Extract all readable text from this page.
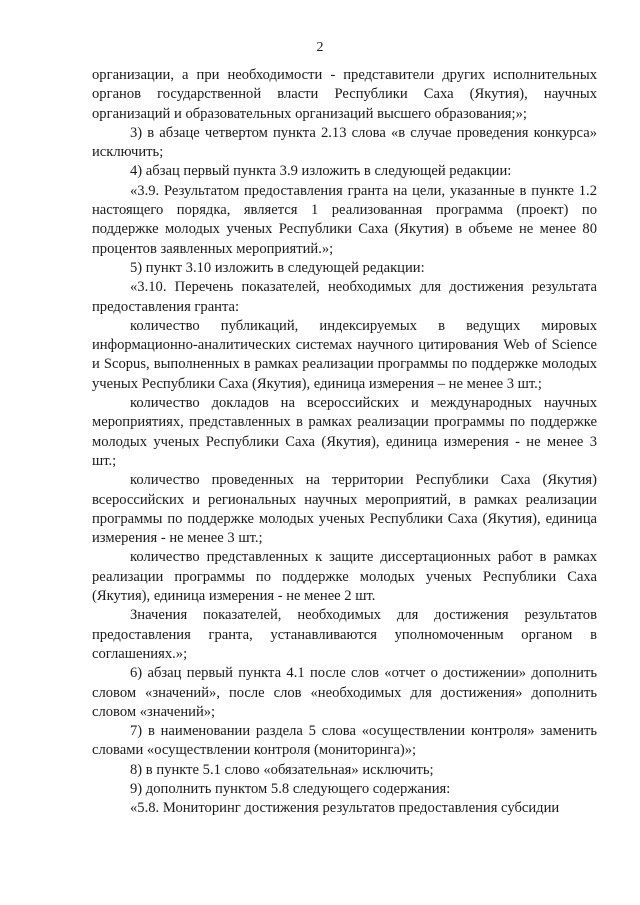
2

организации, а при необходимости - представители других исполнительных органов государственной власти Республики Саха (Якутия), научных организаций и образовательных организаций высшего образования;»;

3) в абзаце четвертом пункта 2.13 слова «в случае проведения конкурса» исключить;

4) абзац первый пункта 3.9 изложить в следующей редакции:

«3.9. Результатом предоставления гранта на цели, указанные в пункте 1.2 настоящего порядка, является 1 реализованная программа (проект) по поддержке молодых ученых Республики Саха (Якутия) в объеме не менее 80 процентов заявленных мероприятий.»;

5) пункт 3.10 изложить в следующей редакции:

«3.10. Перечень показателей, необходимых для достижения результата предоставления гранта:

количество публикаций, индексируемых в ведущих мировых информационно-аналитических системах научного цитирования Web of Science и Scopus, выполненных в рамках реализации программы по поддержке молодых ученых Республики Саха (Якутия), единица измерения – не менее 3 шт.;

количество докладов на всероссийских и международных научных мероприятиях, представленных в рамках реализации программы по поддержке молодых ученых Республики Саха (Якутия), единица измерения - не менее 3 шт.;

количество проведенных на территории Республики Саха (Якутия) всероссийских и региональных научных мероприятий, в рамках реализации программы по поддержке молодых ученых Республики Саха (Якутия), единица измерения - не менее 3 шт.;

количество представленных к защите диссертационных работ в рамках реализации программы по поддержке молодых ученых Республики Саха (Якутия), единица измерения - не менее 2 шт.

Значения показателей, необходимых для достижения результатов предоставления гранта, устанавливаются уполномоченным органом в соглашениях.»;

6) абзац первый пункта 4.1 после слов «отчет о достижении» дополнить словом «значений», после слов «необходимых для достижения» дополнить словом «значений»;

7) в наименовании раздела 5 слова «осуществлении контроля» заменить словами «осуществлении контроля (мониторинга)»;

8) в пункте 5.1 слово «обязательная» исключить;

9) дополнить пунктом 5.8 следующего содержания:

«5.8. Мониторинг достижения результатов предоставления субсидии
